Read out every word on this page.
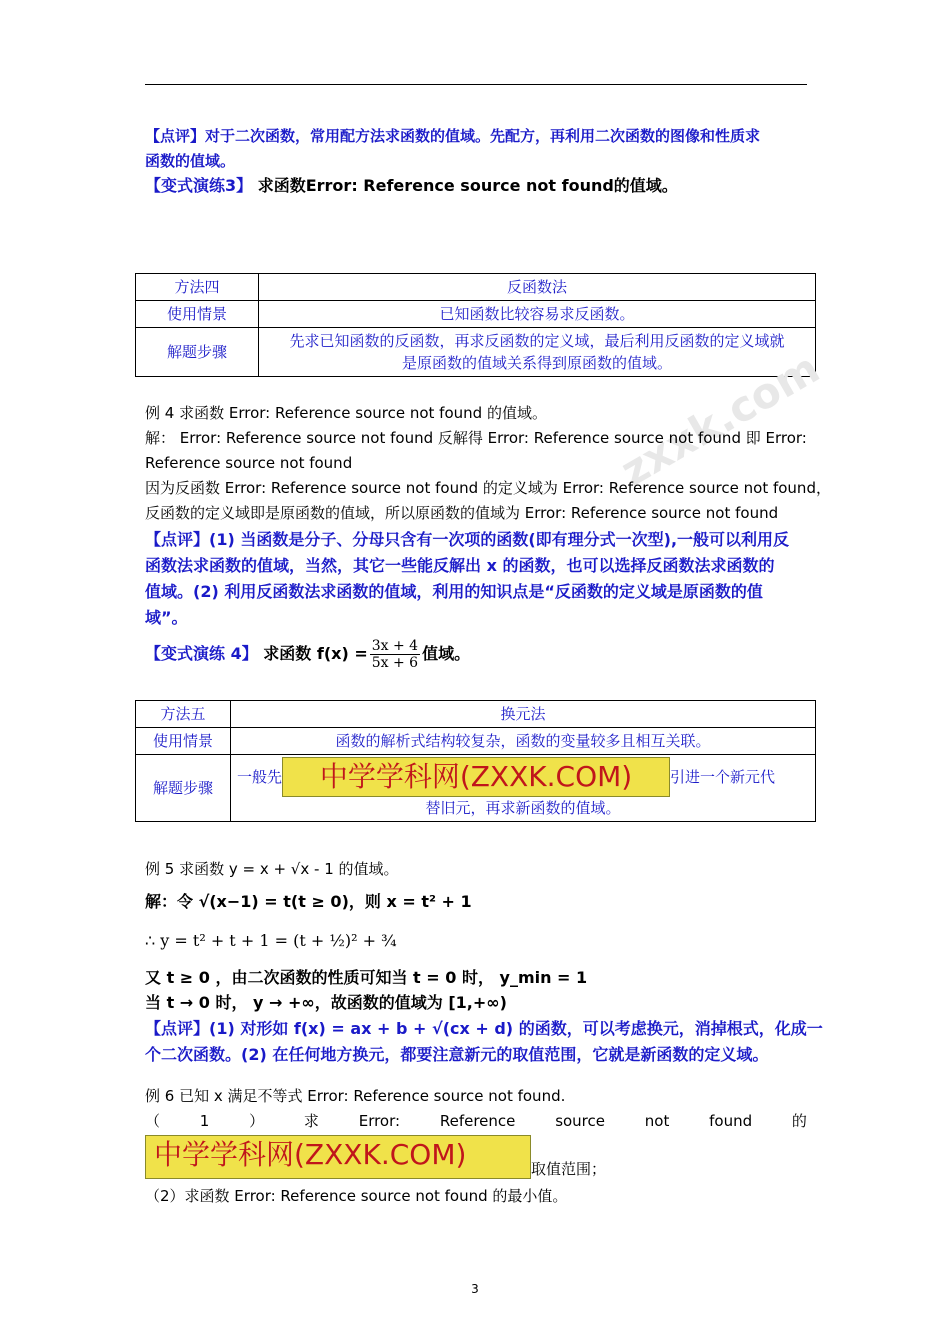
【点评】对于二次函数，常用配方法求函数的值域。先配方，再利用二次函数的图像和性质求
函数的值域。
【变式演练3】 求函数Error: Reference source not found的值域。
方法四	反函数法
使用情景	已知函数比较容易求反函数。
解题步骤	先求已知函数的反函数，再求反函数的定义域，最后利用反函数的定义域就
是原函数的值域关系得到原函数的值域。
zxxk.com
例 4 求函数 Error: Reference source not found 的值域。
解： Error: Reference source not found 反解得 Error: Reference source not found 即 Error:
Reference source not found
因为反函数 Error: Reference source not found 的定义域为 Error: Reference source not found，
反函数的定义域即是原函数的值域，所以原函数的值域为 Error: Reference source not found
【点评】(1) 当函数是分子、分母只含有一次项的函数(即有理分式一次型),一般可以利用反
函数法求函数的值域，当然，其它一些能反解出 x 的函数，也可以选择反函数法求函数的
值域。(2) 利用反函数法求函数的值域，利用的知识点是“反函数的定义域是原函数的值
域”。
【变式演练 4】 求函数 $f(x) = \frac{3x + 4}{5x + 6}$ 值域。
方法五	换元法
使用情景	函数的解析式结构较复杂，函数的变量较多且相互关联。
解题步骤	一般先 中学学科网(ZXXK.COM) 引进一个新元代
替旧元，再求新函数的值域。
例 5 求函数 y = x + √x - 1 的值域。
解：令 √(x−1) = t(t ≥ 0)，则 x = t² + 1
∴ y = t² + t + 1 = (t + ½)² + ¾
又 t ≥ 0 ，由二次函数的性质可知当 t = 0 时， y_min = 1
当 t → 0 时， y → +∞，故函数的值域为 [1,+∞)
【点评】(1) 对形如 f(x) = ax + b + √(cx + d) 的函数，可以考虑换元，消掉根式，化成一
个二次函数。(2) 在任何地方换元，都要注意新元的取值范围，它就是新函数的定义域。
例 6 已知 x 满足不等式 Error: Reference source not found.
（	1	）	求	Error:	Reference	source	not	found	的
中学学科网(ZXXK.COM)	取值范围；
（2）求函数 Error: Reference source not found 的最小值。
3
